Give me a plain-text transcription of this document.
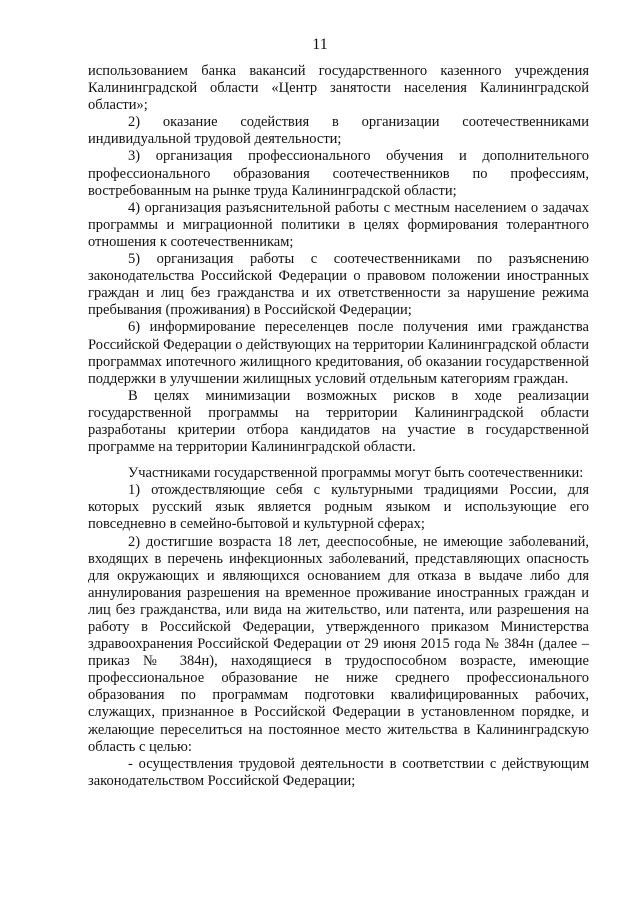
11

использованием банка вакансий государственного казенного учреждения Калининградской области «Центр занятости населения Калининградской области»;

2) оказание содействия в организации соотечественниками индивидуальной трудовой деятельности;

3) организация профессионального обучения и дополнительного профессионального образования соотечественников по профессиям, востребованным на рынке труда Калининградской области;

4) организация разъяснительной работы с местным населением о задачах программы и миграционной политики в целях формирования толерантного отношения к соотечественникам;

5) организация работы с соотечественниками по разъяснению законодательства Российской Федерации о правовом положении иностранных граждан и лиц без гражданства и их ответственности за нарушение режима пребывания (проживания) в Российской Федерации;

6) информирование переселенцев после получения ими гражданства Российской Федерации о действующих на территории Калининградской области программах ипотечного жилищного кредитования, об оказании государственной поддержки в улучшении жилищных условий отдельным категориям граждан.

В целях минимизации возможных рисков в ходе реализации государственной программы на территории Калининградской области разработаны критерии отбора кандидатов на участие в государственной программе на территории Калининградской области.

Участниками государственной программы могут быть соотечественники:

1) отождествляющие себя с культурными традициями России, для которых русский язык является родным языком и использующие его повседневно в семейно-бытовой и культурной сферах;

2) достигшие возраста 18 лет, дееспособные, не имеющие заболеваний, входящих в перечень инфекционных заболеваний, представляющих опасность для окружающих и являющихся основанием для отказа в выдаче либо для аннулирования разрешения на временное проживание иностранных граждан и лиц без гражданства, или вида на жительство, или патента, или разрешения на работу в Российской Федерации, утвержденного приказом Министерства здравоохранения Российской Федерации от 29 июня 2015 года № 384н (далее – приказ № 384н), находящиеся в трудоспособном возрасте, имеющие профессиональное образование не ниже среднего профессионального образования по программам подготовки квалифицированных рабочих, служащих, признанное в Российской Федерации в установленном порядке, и желающие переселиться на постоянное место жительства в Калининградскую область с целью:

- осуществления трудовой деятельности в соответствии с действующим законодательством Российской Федерации;
